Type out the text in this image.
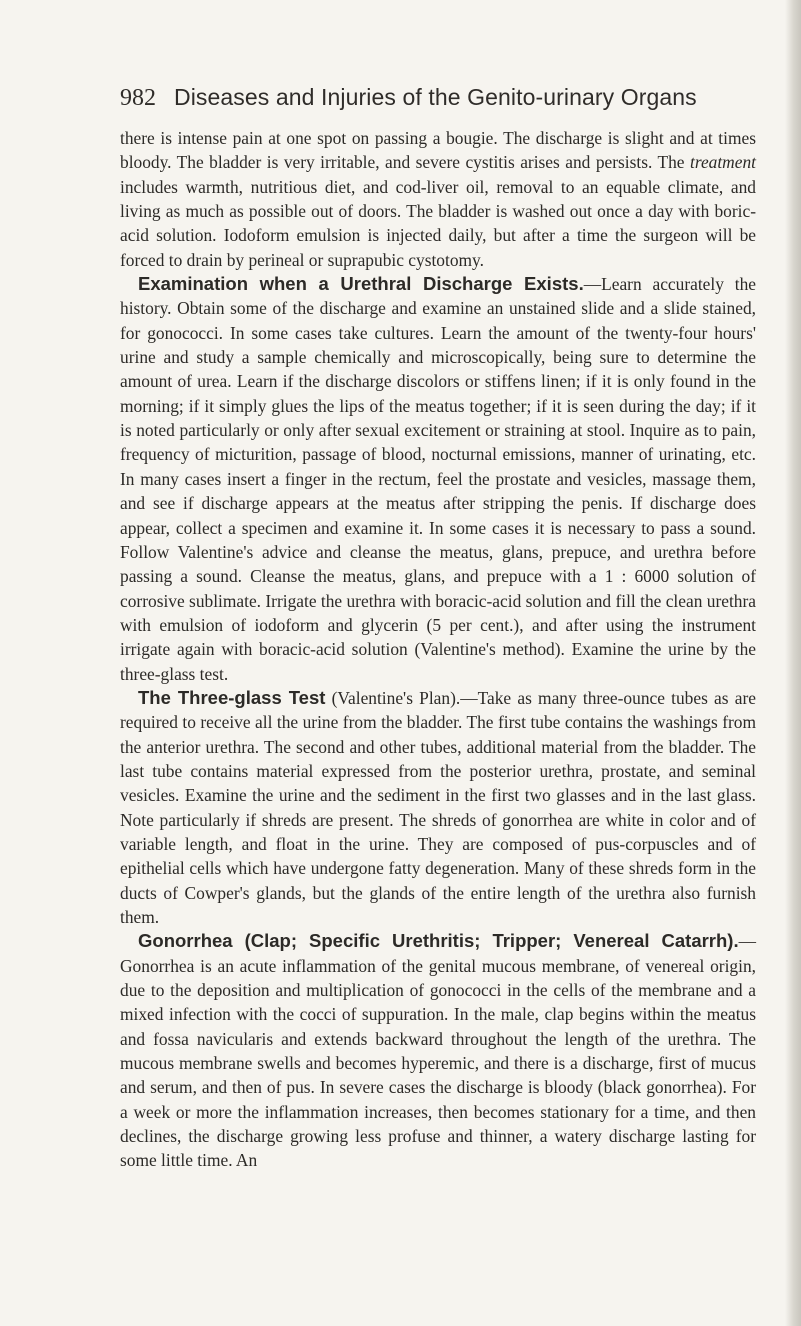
982 Diseases and Injuries of the Genito-urinary Organs

there is intense pain at one spot on passing a bougie. The discharge is slight and at times bloody. The bladder is very irritable, and severe cystitis arises and persists. The treatment includes warmth, nutritious diet, and cod-liver oil, removal to an equable climate, and living as much as possible out of doors. The bladder is washed out once a day with boric-acid solution. Iodoform emulsion is injected daily, but after a time the surgeon will be forced to drain by perineal or suprapubic cystotomy.

Examination when a Urethral Discharge Exists.—Learn accurately the history. Obtain some of the discharge and examine an unstained slide and a slide stained, for gonococci. In some cases take cultures. Learn the amount of the twenty-four hours' urine and study a sample chemically and microscopically, being sure to determine the amount of urea. Learn if the discharge discolors or stiffens linen; if it is only found in the morning; if it simply glues the lips of the meatus together; if it is seen during the day; if it is noted particularly or only after sexual excitement or straining at stool. Inquire as to pain, frequency of micturition, passage of blood, nocturnal emissions, manner of urinating, etc. In many cases insert a finger in the rectum, feel the prostate and vesicles, massage them, and see if discharge appears at the meatus after stripping the penis. If discharge does appear, collect a specimen and examine it. In some cases it is necessary to pass a sound. Follow Valentine's advice and cleanse the meatus, glans, prepuce, and urethra before passing a sound. Cleanse the meatus, glans, and prepuce with a 1 : 6000 solution of corrosive sublimate. Irrigate the urethra with boracic-acid solution and fill the clean urethra with emulsion of iodoform and glycerin (5 per cent.), and after using the instrument irrigate again with boracic-acid solution (Valentine's method). Examine the urine by the three-glass test.

The Three-glass Test (Valentine's Plan).—Take as many three-ounce tubes as are required to receive all the urine from the bladder. The first tube contains the washings from the anterior urethra. The second and other tubes, additional material from the bladder. The last tube contains material expressed from the posterior urethra, prostate, and seminal vesicles. Examine the urine and the sediment in the first two glasses and in the last glass. Note particularly if shreds are present. The shreds of gonorrhea are white in color and of variable length, and float in the urine. They are composed of pus-corpuscles and of epithelial cells which have undergone fatty degeneration. Many of these shreds form in the ducts of Cowper's glands, but the glands of the entire length of the urethra also furnish them.

Gonorrhea (Clap; Specific Urethritis; Tripper; Venereal Catarrh).—Gonorrhea is an acute inflammation of the genital mucous membrane, of venereal origin, due to the deposition and multiplication of gonococci in the cells of the membrane and a mixed infection with the cocci of suppuration. In the male, clap begins within the meatus and fossa navicularis and extends backward throughout the length of the urethra. The mucous membrane swells and becomes hyperemic, and there is a discharge, first of mucus and serum, and then of pus. In severe cases the discharge is bloody (black gonorrhea). For a week or more the inflammation increases, then becomes stationary for a time, and then declines, the discharge growing less profuse and thinner, a watery discharge lasting for some little time. An
